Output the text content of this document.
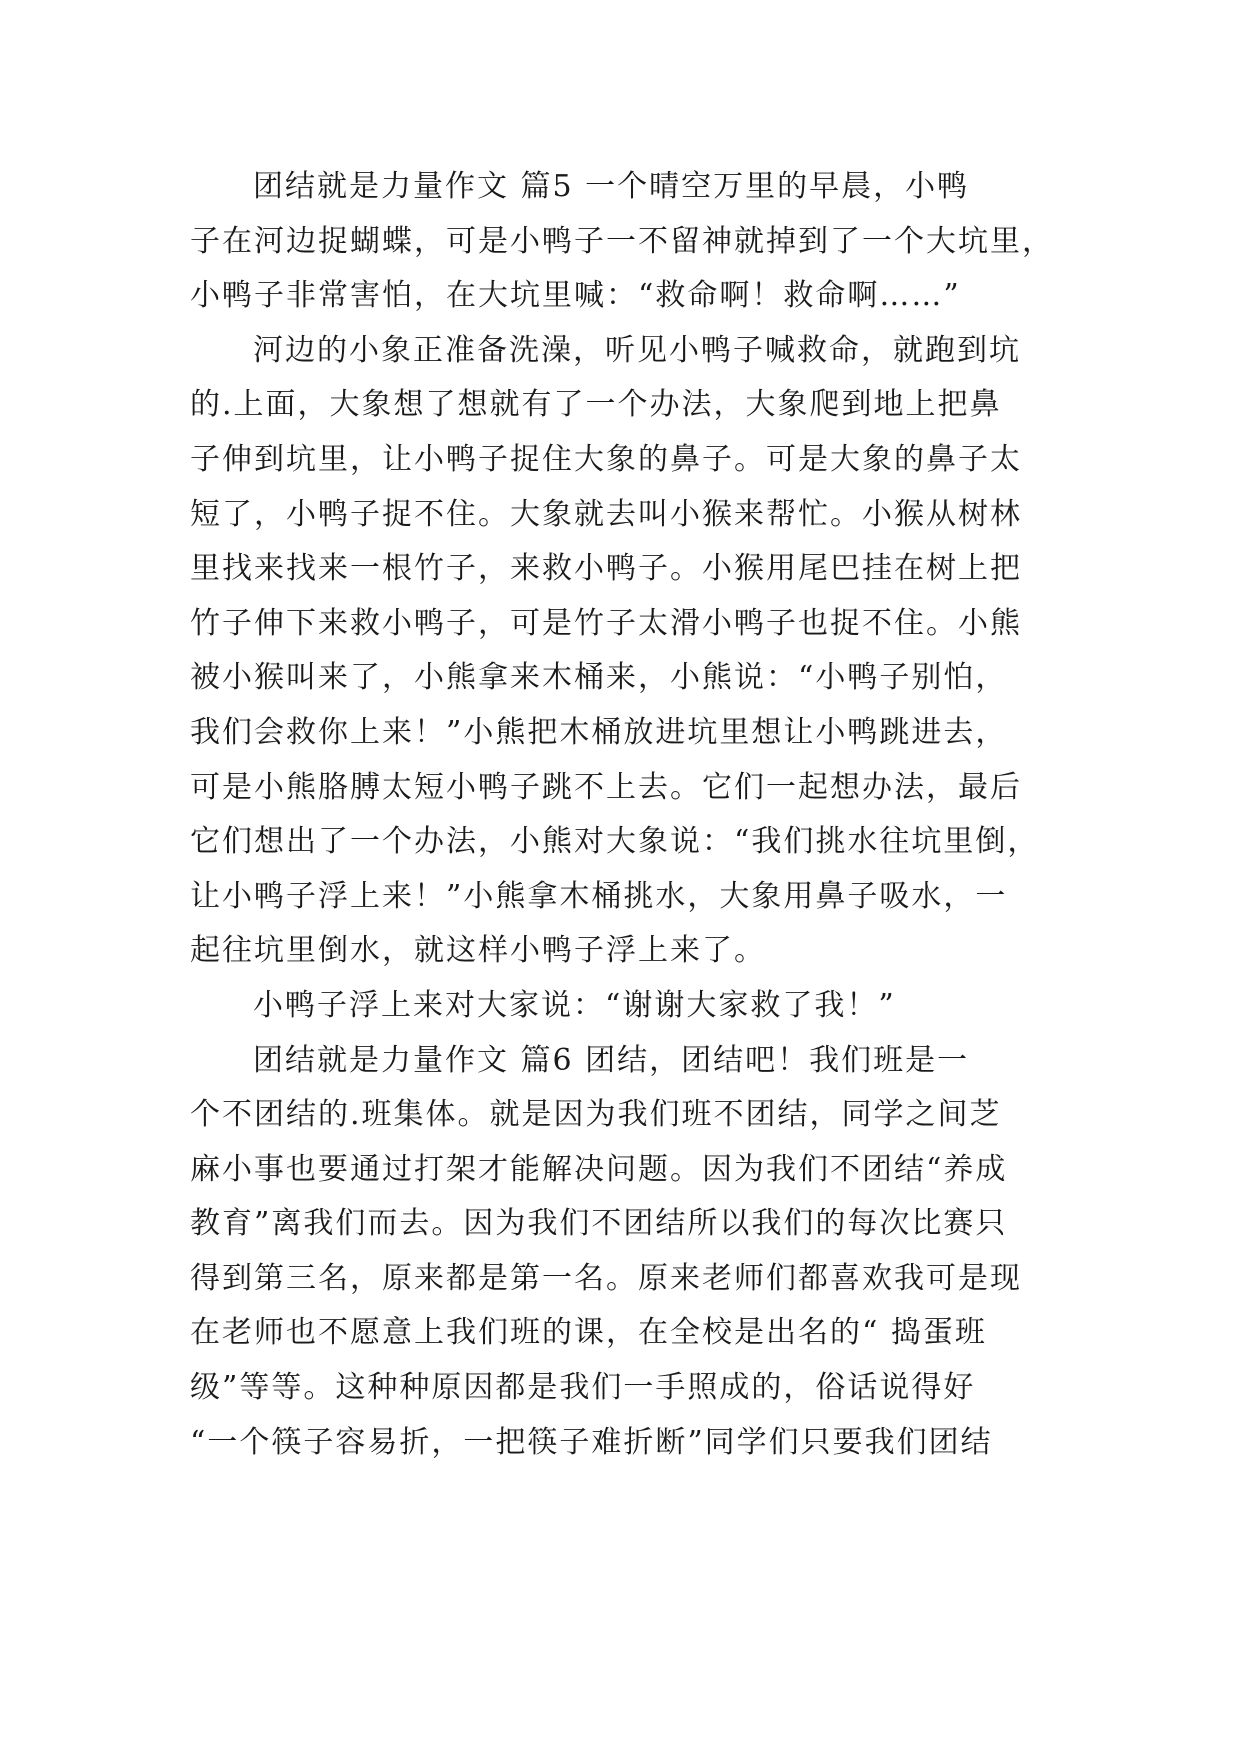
团结就是力量作文 篇5 一个晴空万里的早晨，小鸭
子在河边捉蝴蝶，可是小鸭子一不留神就掉到了一个大坑里，
小鸭子非常害怕，在大坑里喊：“救命啊！救命啊……”
河边的小象正准备洗澡，听见小鸭子喊救命，就跑到坑
的.上面，大象想了想就有了一个办法，大象爬到地上把鼻
子伸到坑里，让小鸭子捉住大象的鼻子。可是大象的鼻子太
短了，小鸭子捉不住。大象就去叫小猴来帮忙。小猴从树林
里找来找来一根竹子，来救小鸭子。小猴用尾巴挂在树上把
竹子伸下来救小鸭子，可是竹子太滑小鸭子也捉不住。小熊
被小猴叫来了，小熊拿来木桶来，小熊说：“小鸭子别怕，
我们会救你上来！”小熊把木桶放进坑里想让小鸭跳进去，
可是小熊胳膊太短小鸭子跳不上去。它们一起想办法，最后
它们想出了一个办法，小熊对大象说：“我们挑水往坑里倒，
让小鸭子浮上来！”小熊拿木桶挑水，大象用鼻子吸水，一
起往坑里倒水，就这样小鸭子浮上来了。
小鸭子浮上来对大家说：“谢谢大家救了我！”
团结就是力量作文 篇6 团结，团结吧！我们班是一
个不团结的.班集体。就是因为我们班不团结，同学之间芝
麻小事也要通过打架才能解决问题。因为我们不团结“养成
教育”离我们而去。因为我们不团结所以我们的每次比赛只
得到第三名，原来都是第一名。原来老师们都喜欢我可是现
在老师也不愿意上我们班的课，在全校是出名的“ 捣蛋班
级”等等。这种种原因都是我们一手照成的，俗话说得好
“一个筷子容易折，一把筷子难折断”同学们只要我们团结
